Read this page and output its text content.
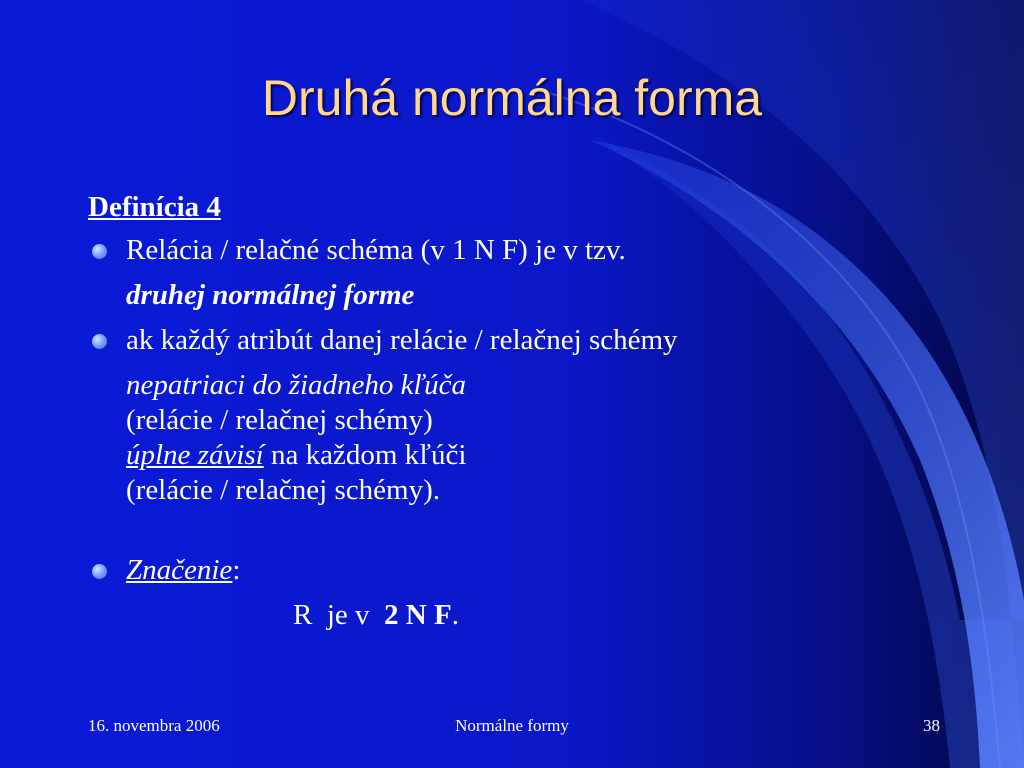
Druhá normálna forma
Definícia 4
Relácia / relačné schéma (v 1 N F) je v tzv.
druhej normálnej forme
ak každý atribút danej relácie / relačnej schémy
nepatriaci do žiadneho kľúča
(relácie / relačnej schémy)
úplne závisí na každom kľúči
(relácie / relačnej schémy).
Značenie:
R  je v  2 N F.
16. novembra 2006	Normálne formy	38
